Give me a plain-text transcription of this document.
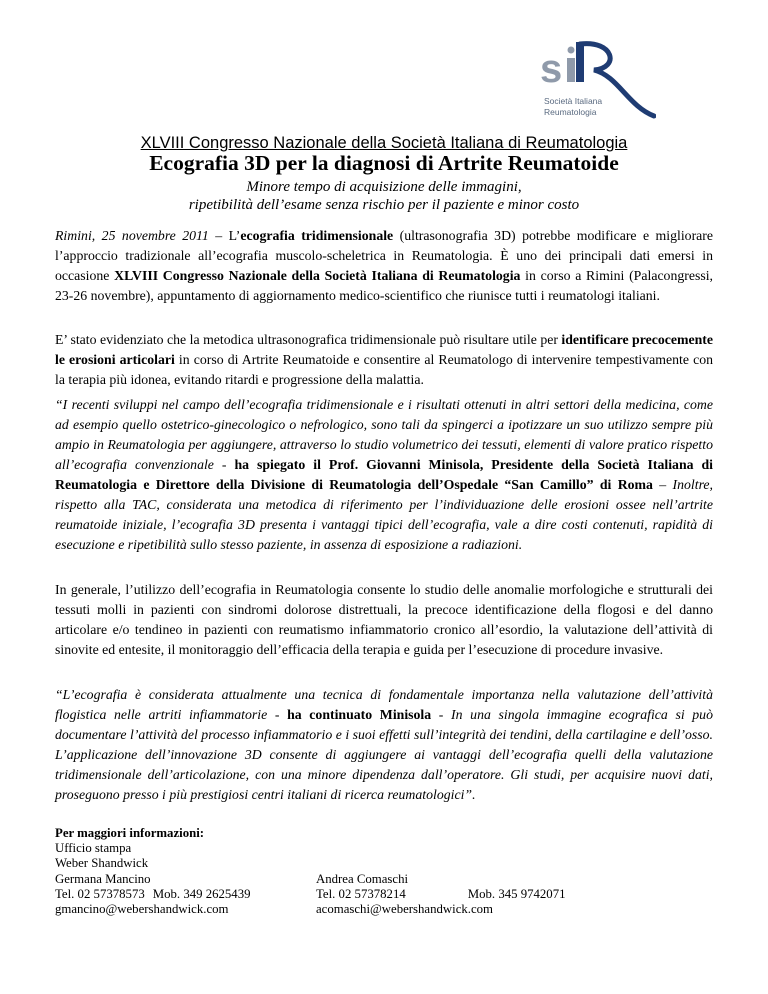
s
Società Italiana
Reumatologia
XLVIII Congresso Nazionale della Società Italiana di Reumatologia
Ecografia 3D per la diagnosi di Artrite Reumatoide
Minore tempo di acquisizione delle immagini,
ripetibilità dell’esame senza rischio per il paziente e minor costo

Rimini, 25 novembre 2011 – L’ecografia tridimensionale (ultrasonografia 3D) potrebbe modificare e migliorare l’approccio tradizionale all’ecografia muscolo-scheletrica in Reumatologia. È uno dei principali dati emersi in occasione XLVIII Congresso Nazionale della Società Italiana di Reumatologia in corso a Rimini (Palacongressi, 23-26 novembre), appuntamento di aggiornamento medico-scientifico che riunisce tutti i reumatologi italiani.

E’ stato evidenziato che la metodica ultrasonografica tridimensionale può risultare utile per identificare precocemente le erosioni articolari in corso di Artrite Reumatoide e consentire al Reumatologo di intervenire tempestivamente con la terapia più idonea, evitando ritardi e progressione della malattia.

“I recenti sviluppi nel campo dell’ecografia tridimensionale e i risultati ottenuti in altri settori della medicina, come ad esempio quello ostetrico-ginecologico o nefrologico, sono tali da spingerci a ipotizzare un suo utilizzo sempre più ampio in Reumatologia per aggiungere, attraverso lo studio volumetrico dei tessuti, elementi di valore pratico rispetto all’ecografia convenzionale - ha spiegato il Prof. Giovanni Minisola, Presidente della Società Italiana di Reumatologia e Direttore della Divisione di Reumatologia dell’Ospedale “San Camillo” di Roma – Inoltre, rispetto alla TAC, considerata una metodica di riferimento per l’individuazione delle erosioni ossee nell’artrite reumatoide iniziale, l’ecografia 3D presenta i vantaggi tipici dell’ecografia, vale a dire costi contenuti, rapidità di esecuzione e ripetibilità sullo stesso paziente, in assenza di esposizione a radiazioni.

In generale, l’utilizzo dell’ecografia in Reumatologia consente lo studio delle anomalie morfologiche e strutturali dei tessuti molli in pazienti con sindromi dolorose distrettuali, la precoce identificazione della flogosi e del danno articolare e/o tendineo in pazienti con reumatismo infiammatorio cronico all’esordio, la valutazione dell’attività di sinovite ed entesite, il monitoraggio dell’efficacia della terapia e guida per l’esecuzione di procedure invasive.

“L’ecografia è considerata attualmente una tecnica di fondamentale importanza nella valutazione dell’attività flogistica nelle artriti infiammatorie - ha continuato Minisola - In una singola immagine ecografica si può documentare l’attività del processo infiammatorio e i suoi effetti sull’integrità dei tendini, della cartilagine e dell’osso. L’applicazione dell’innovazione 3D consente di aggiungere ai vantaggi dell’ecografia quelli della valutazione tridimensionale dell’articolazione, con una minore dipendenza dall’operatore. Gli studi, per acquisire nuovi dati, proseguono presso i più prestigiosi centri italiani di ricerca reumatologici”.

Per maggiori informazioni:
Ufficio stampa
Weber Shandwick
Germana Mancino
Tel. 02 57378573 Mob. 349 2625439
gmancino@webershandwick.com
Andrea Comaschi
Tel. 02 57378214	Mob. 345 9742071
acomaschi@webershandwick.com
